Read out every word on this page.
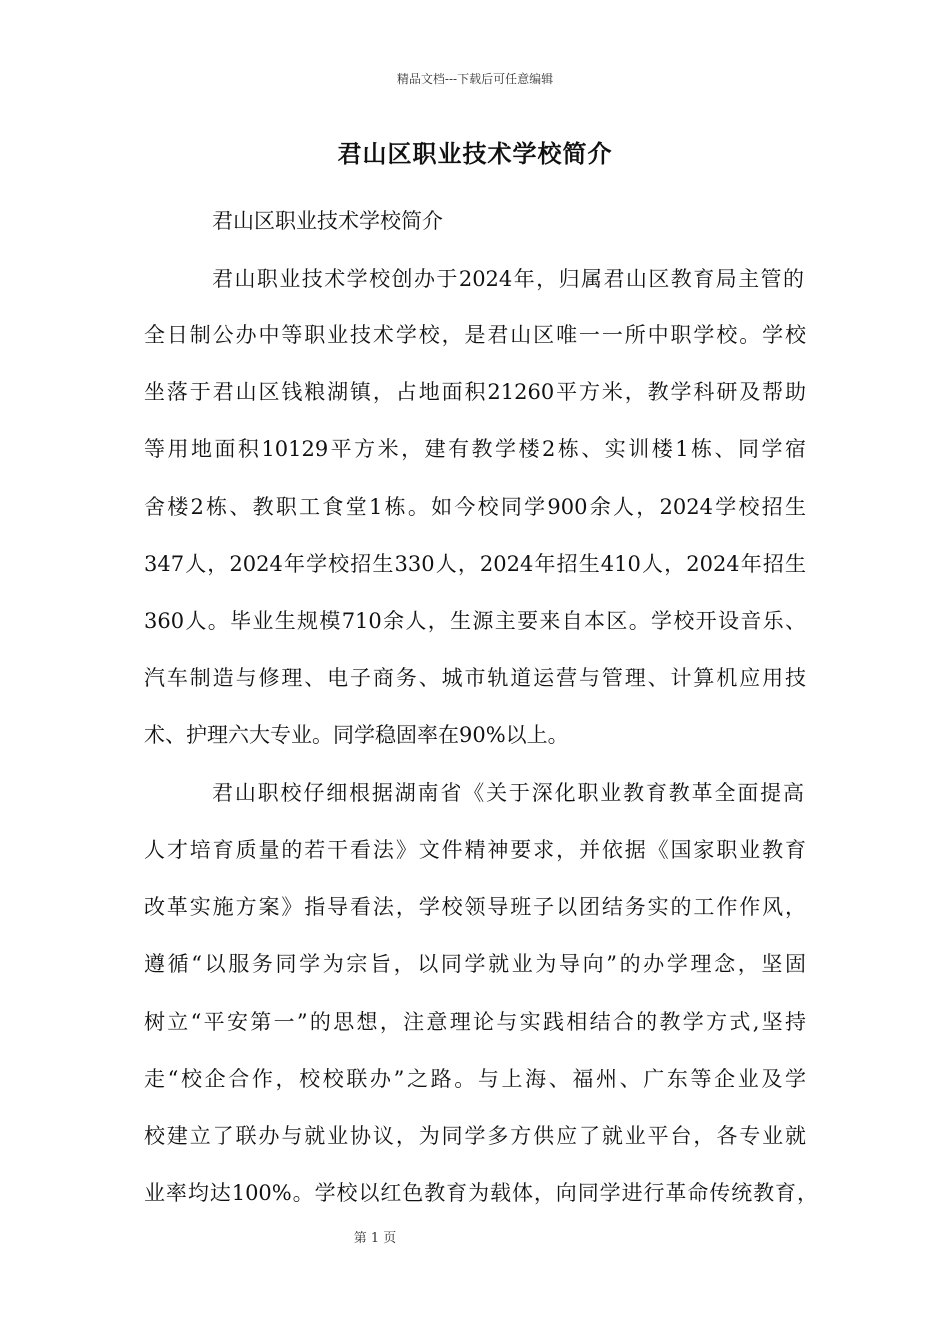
精品文档---下载后可任意编辑
君山区职业技术学校简介
君山区职业技术学校简介
君山职业技术学校创办于2024年，归属君山区教育局主管的
全日制公办中等职业技术学校，是君山区唯一一所中职学校。学校
坐落于君山区钱粮湖镇，占地面积21260平方米，教学科研及帮助
等用地面积10129平方米，建有教学楼2栋、实训楼1栋、同学宿
舍楼2栋、教职工食堂1栋。如今校同学900余人，2024学校招生
347人，2024年学校招生330人，2024年招生410人，2024年招生
360人。毕业生规模710余人，生源主要来自本区。学校开设音乐、
汽车制造与修理、电子商务、城市轨道运营与管理、计算机应用技
术、护理六大专业。同学稳固率在90%以上。
君山职校仔细根据湖南省《关于深化职业教育教革全面提高
人才培育质量的若干看法》文件精神要求，并依据《国家职业教育
改革实施方案》指导看法，学校领导班子以团结务实的工作作风，
遵循“以服务同学为宗旨，以同学就业为导向”的办学理念，坚固
树立“平安第一”的思想，注意理论与实践相结合的教学方式,坚持
走“校企合作，校校联办”之路。与上海、福州、广东等企业及学
校建立了联办与就业协议，为同学多方供应了就业平台，各专业就
业率均达100%。学校以红色教育为载体，向同学进行革命传统教育，
第 1 页
